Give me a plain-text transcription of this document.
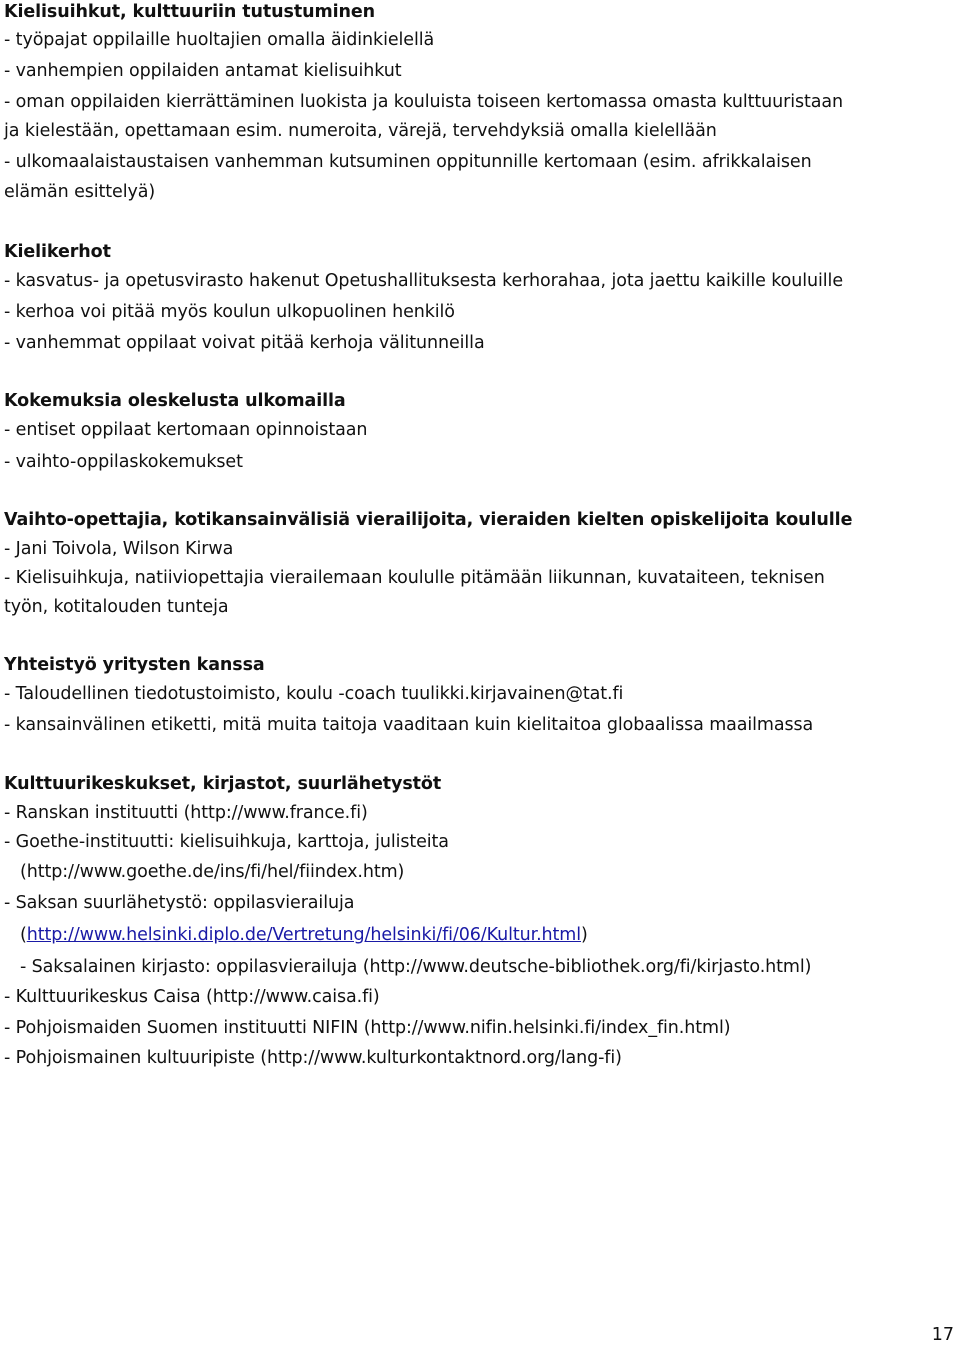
Kielisuihkut, kulttuuriin tutustuminen

- työpajat oppilaille huoltajien omalla äidinkielellä

- vanhempien oppilaiden antamat kielisuihkut

- oman oppilaiden kierrättäminen luokista ja kouluista toiseen kertomassa omasta kulttuuristaan

ja kielestään, opettamaan esim. numeroita, värejä, tervehdyksiä omalla kielellään

- ulkomaalaistaustaisen vanhemman kutsuminen oppitunnille kertomaan (esim. afrikkalaisen

elämän esittelyä)

Kielikerhot

- kasvatus- ja opetusvirasto hakenut Opetushallituksesta kerhorahaa, jota jaettu kaikille kouluille

- kerhoa voi pitää myös koulun ulkopuolinen henkilö

- vanhemmat oppilaat voivat pitää kerhoja välitunneilla

Kokemuksia oleskelusta ulkomailla

- entiset oppilaat kertomaan opinnoistaan

- vaihto-oppilaskokemukset

Vaihto-opettajia, kotikansainvälisiä vierailijoita, vieraiden kielten opiskelijoita koululle

- Jani Toivola, Wilson Kirwa

- Kielisuihkuja, natiiviopettajia vierailemaan koululle pitämään liikunnan, kuvataiteen, teknisen

työn, kotitalouden tunteja

Yhteistyö yritysten kanssa

- Taloudellinen tiedotustoimisto, koulu -coach tuulikki.kirjavainen@tat.fi

- kansainvälinen etiketti, mitä muita taitoja vaaditaan kuin kielitaitoa globaalissa maailmassa

Kulttuurikeskukset, kirjastot, suurlähetystöt

- Ranskan instituutti (http://www.france.fi)

- Goethe-instituutti: kielisuihkuja, karttoja, julisteita

(http://www.goethe.de/ins/fi/hel/fiindex.htm)

- Saksan suurlähetystö: oppilasvierailuja

(http://www.helsinki.diplo.de/Vertretung/helsinki/fi/06/Kultur.html)

- Saksalainen kirjasto: oppilasvierailuja (http://www.deutsche-bibliothek.org/fi/kirjasto.html)

- Kulttuurikeskus Caisa (http://www.caisa.fi)

- Pohjoismaiden Suomen instituutti NIFIN (http://www.nifin.helsinki.fi/index_fin.html)

- Pohjoismainen kultuuripiste (http://www.kulturkontaktnord.org/lang-fi)

17
